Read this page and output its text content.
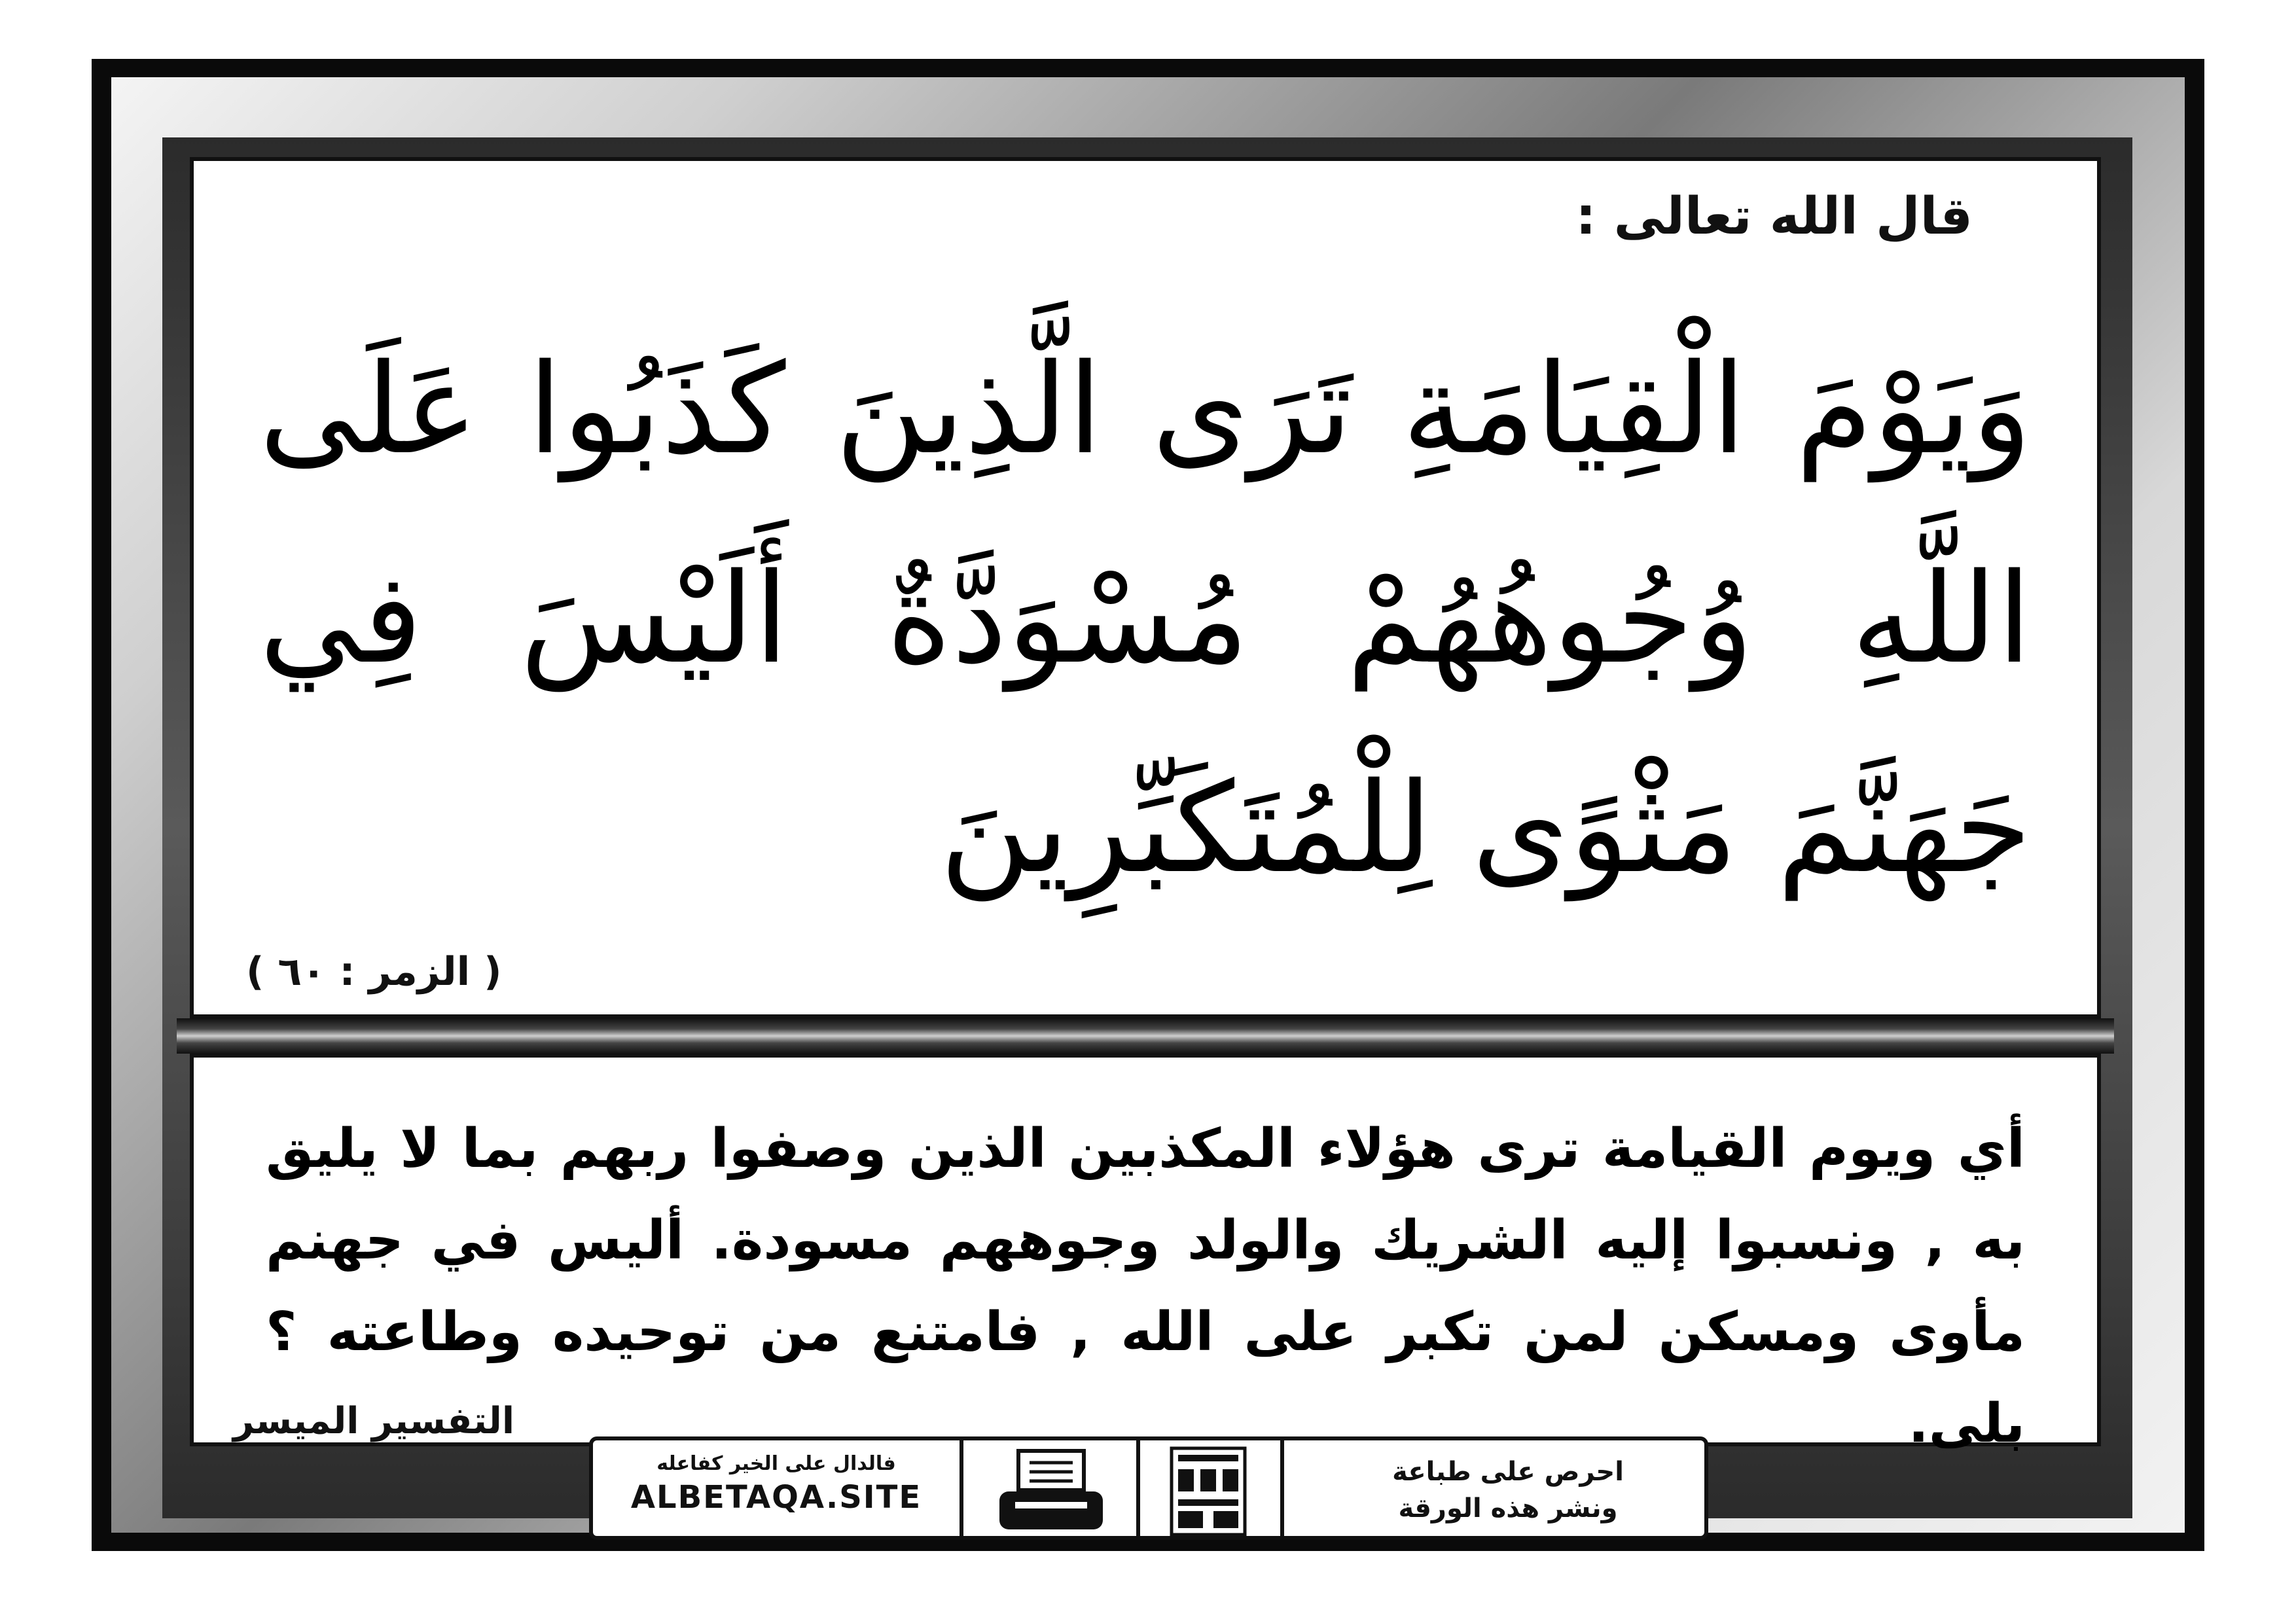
قال الله تعالى :
وَيَوْمَ الْقِيَامَةِ تَرَى الَّذِينَ كَذَبُوا عَلَى اللَّهِ وُجُوهُهُمْ مُسْوَدَّةٌ أَلَيْسَ فِي جَهَنَّمَ مَثْوًى لِلْمُتَكَبِّرِينَ
( الزمر : ٦٠ )
أي ويوم القيامة ترى هؤلاء المكذبين الذين وصفوا ربهم بما لا يليق به , ونسبوا إليه الشريك والولد وجوههم مسودة. أليس في جهنم مأوى ومسكن لمن تكبر على الله , فامتنع من توحيده وطاعته ؟ بلى.
التفسير الميسر
فالدال على الخير كفاعله
ALBETAQA.SITE	الدعوة الورقة
احرص على طباعة
ونشر هذه الورقة
